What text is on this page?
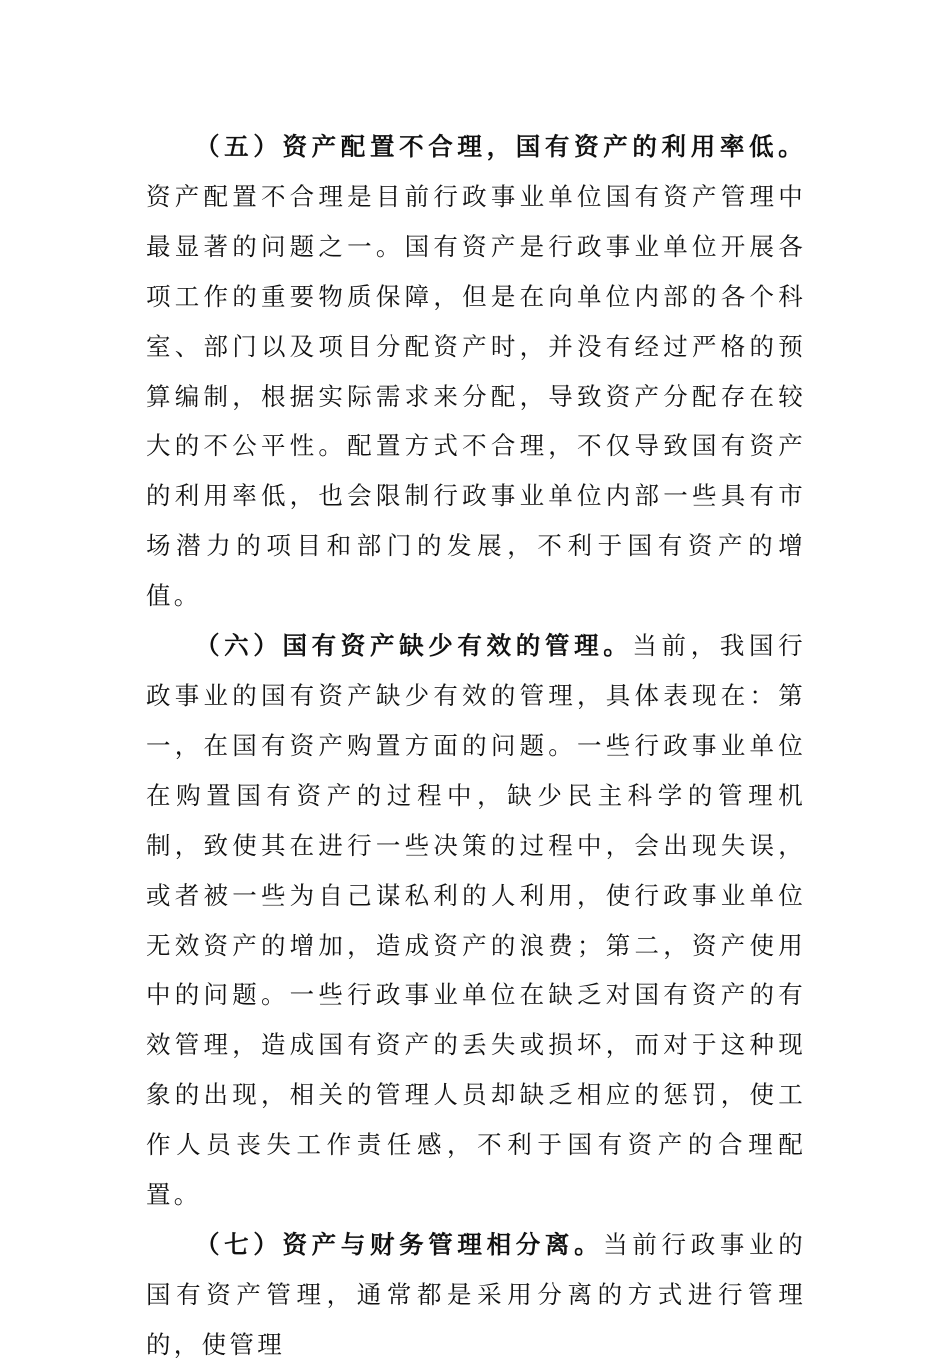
（五）资产配置不合理，国有资产的利用率低。资产配置不合理是目前行政事业单位国有资产管理中最显著的问题之一。国有资产是行政事业单位开展各项工作的重要物质保障，但是在向单位内部的各个科室、部门以及项目分配资产时，并没有经过严格的预算编制，根据实际需求来分配，导致资产分配存在较大的不公平性。配置方式不合理，不仅导致国有资产的利用率低，也会限制行政事业单位内部一些具有市场潜力的项目和部门的发展，不利于国有资产的增值。

（六）国有资产缺少有效的管理。当前，我国行政事业的国有资产缺少有效的管理，具体表现在：第一，在国有资产购置方面的问题。一些行政事业单位在购置国有资产的过程中，缺少民主科学的管理机制，致使其在进行一些决策的过程中，会出现失误，或者被一些为自己谋私利的人利用，使行政事业单位无效资产的增加，造成资产的浪费；第二，资产使用中的问题。一些行政事业单位在缺乏对国有资产的有效管理，造成国有资产的丢失或损坏，而对于这种现象的出现，相关的管理人员却缺乏相应的惩罚，使工作人员丧失工作责任感，不利于国有资产的合理配置。

（七）资产与财务管理相分离。当前行政事业的国有资产管理，通常都是采用分离的方式进行管理的，使管理
